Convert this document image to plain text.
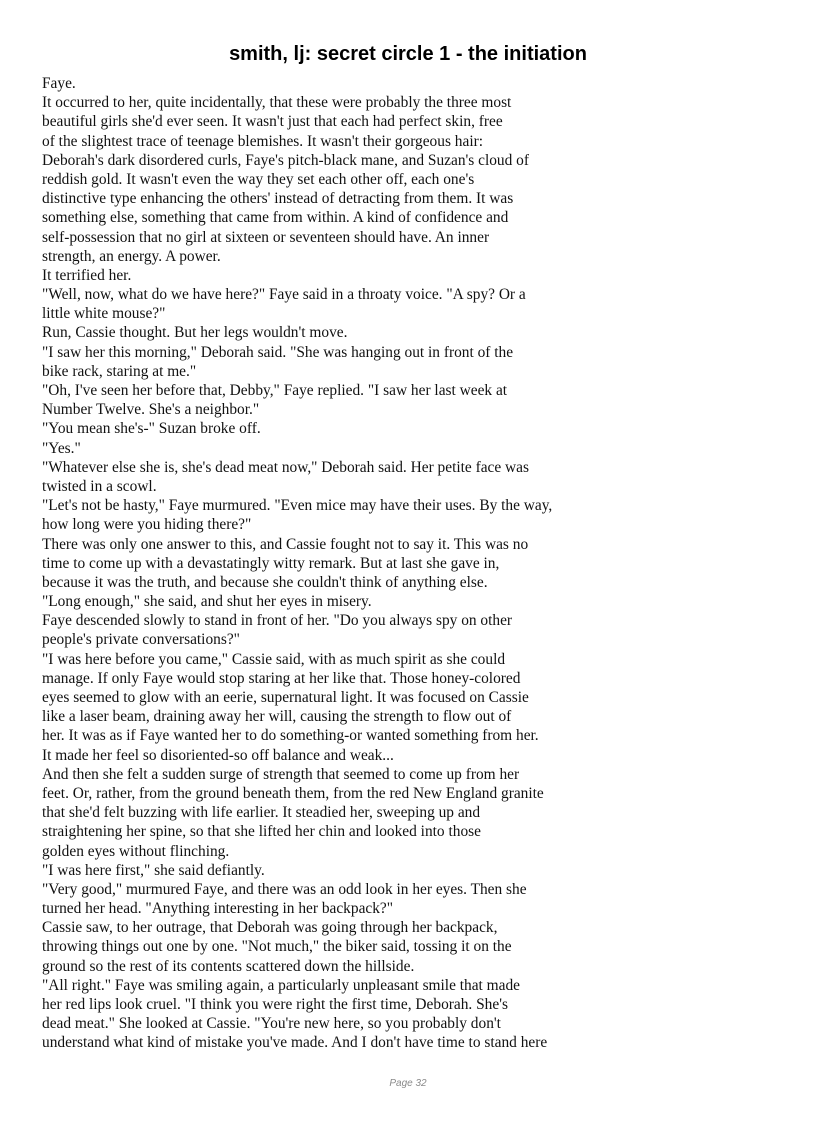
smith, lj: secret circle 1 - the initiation
Faye.
It occurred to her, quite incidentally, that these were probably the three most
beautiful girls she'd ever seen. It wasn't just that each had perfect skin, free
of the slightest trace of teenage blemishes. It wasn't their gorgeous hair:
Deborah's dark disordered curls, Faye's pitch-black mane, and Suzan's cloud of
reddish gold. It wasn't even the way they set each other off, each one's
distinctive type enhancing the others' instead of detracting from them. It was
something else, something that came from within. A kind of confidence and
self-possession that no girl at sixteen or seventeen should have. An inner
strength, an energy. A power.
It terrified her.
"Well, now, what do we have here?" Faye said in a throaty voice. "A spy? Or a
little white mouse?"
Run, Cassie thought. But her legs wouldn't move.
"I saw her this morning," Deborah said. "She was hanging out in front of the
bike rack, staring at me."
"Oh, I've seen her before that, Debby," Faye replied. "I saw her last week at
Number Twelve. She's a neighbor."
"You mean she's-" Suzan broke off.
"Yes."
"Whatever else she is, she's dead meat now," Deborah said. Her petite face was
twisted in a scowl.
"Let's not be hasty," Faye murmured. "Even mice may have their uses. By the way,
how long were you hiding there?"
There was only one answer to this, and Cassie fought not to say it. This was no
time to come up with a devastatingly witty remark. But at last she gave in,
because it was the truth, and because she couldn't think of anything else.
"Long enough," she said, and shut her eyes in misery.
Faye descended slowly to stand in front of her. "Do you always spy on other
people's private conversations?"
"I was here before you came," Cassie said, with as much spirit as she could
manage. If only Faye would stop staring at her like that. Those honey-colored
eyes seemed to glow with an eerie, supernatural light. It was focused on Cassie
like a laser beam, draining away her will, causing the strength to flow out of
her. It was as if Faye wanted her to do something-or wanted something from her.
It made her feel so disoriented-so off balance and weak...
And then she felt a sudden surge of strength that seemed to come up from her
feet. Or, rather, from the ground beneath them, from the red New England granite
that she'd felt buzzing with life earlier. It steadied her, sweeping up and
straightening her spine, so that she lifted her chin and looked into those
golden eyes without flinching.
"I was here first," she said defiantly.
"Very good," murmured Faye, and there was an odd look in her eyes. Then she
turned her head. "Anything interesting in her backpack?"
Cassie saw, to her outrage, that Deborah was going through her backpack,
throwing things out one by one. "Not much," the biker said, tossing it on the
ground so the rest of its contents scattered down the hillside.
"All right." Faye was smiling again, a particularly unpleasant smile that made
her red lips look cruel. "I think you were right the first time, Deborah. She's
dead meat." She looked at Cassie. "You're new here, so you probably don't
understand what kind of mistake you've made. And I don't have time to stand here
Page 32
